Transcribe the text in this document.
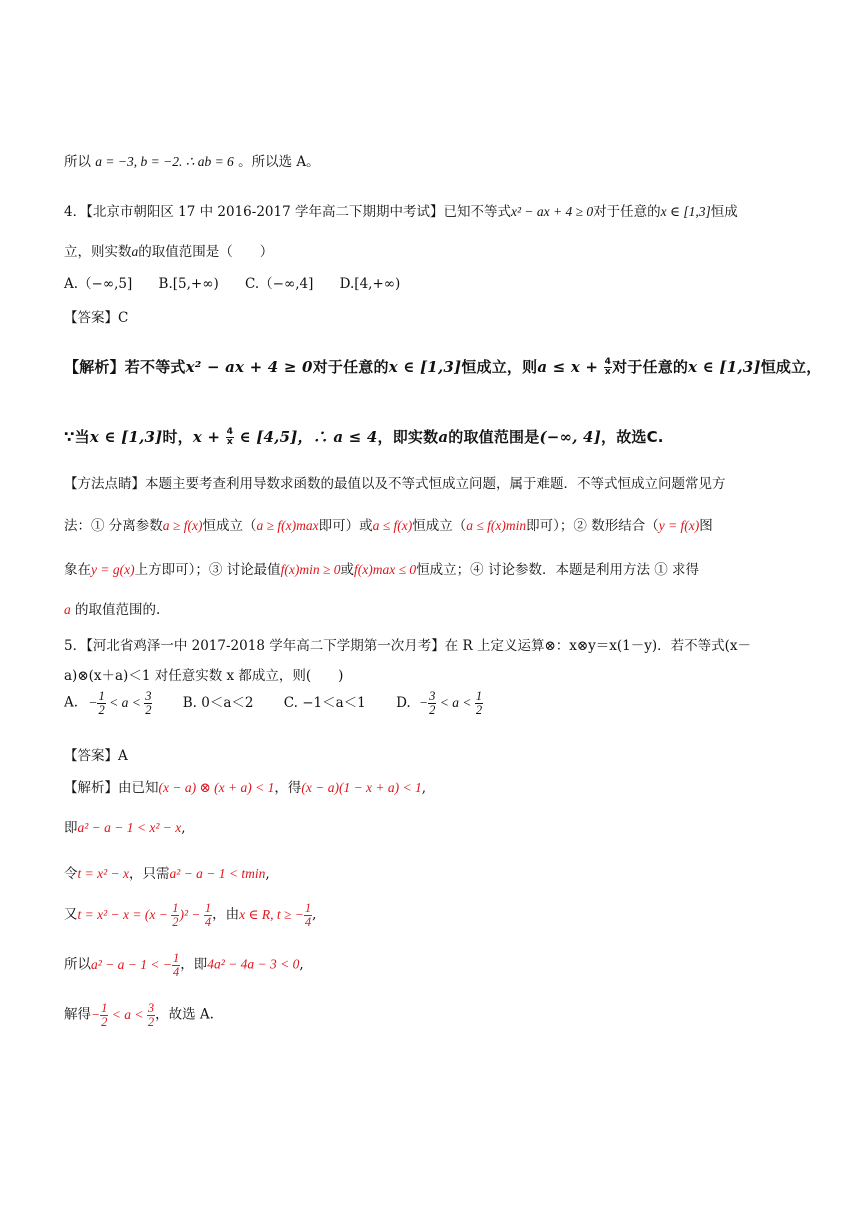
所以 a = −3, b = −2. ∴ ab = 6 。所以选 A。
4．【北京市朝阳区 17 中 2016-2017 学年高二下期期中考试】已知不等式x² − ax + 4 ≥ 0对于任意的x ∈ [1,3]恒成
立，则实数a的取值范围是（　　）
A.（−∞,5] B.[5,+∞) C.（−∞,4] D.[4,+∞)
【答案】C
【解析】若不等式x² − ax + 4 ≥ 0对于任意的x ∈ [1,3]恒成立，则$a \le x + \frac{4}{x}$ 对于任意的x ∈ [1,3]恒成立，
∵当x ∈ [1,3]时，$x + \frac{4}{x}$ ∈ [4,5]，∴ a ≤ 4，即实数a的取值范围是(−∞, 4]，故选C.
【方法点睛】本题主要考查利用导数求函数的最值以及不等式恒成立问题，属于难题．不等式恒成立问题常见方
法：① 分离参数a ≥ f(x)恒成立（a ≥ f(x)max即可）或a ≤ f(x)恒成立（a ≤ f(x)min即可）；② 数形结合（y = f(x)图
象在y = g(x)上方即可）；③ 讨论最值f(x)min ≥ 0或f(x)max ≤ 0恒成立；④ 讨论参数．本题是利用方法 ① 求得
a 的取值范围的.
5．【河北省鸡泽一中 2017-2018 学年高二下学期第一次月考】在 R 上定义运算⊗：x⊗y＝x(1－y)．若不等式(x－
a)⊗(x＋a)＜1 对任意实数 x 都成立，则(　　)
A. − $\frac{1}{2} < a < \frac{3}{2} B$. 0＜a＜2 C. −1＜a＜1 D. − $\frac{3}{2} < a < \frac{1}{2}$
【答案】A
【解析】由已知(x − a) ⊗ (x + a) < 1，得(x − a)(1 − x + a) < 1,
即a² − a − 1 < x² − x,
令t = x² − x，只需a² − a − 1 < tmin,
又$t = x^2 - x = (x - \frac{1}{2} )^2 - \frac{1}{4}$ ，由x ∈ R, t ≥ − $\frac{1}{4}$ ,
所以a² − a − 1 < − $\frac{1}{4}$ ，即4a² − 4a − 3 < 0,
解得− $\frac{1}{2} < a < \frac{3}{2}$ ，故选 A.
